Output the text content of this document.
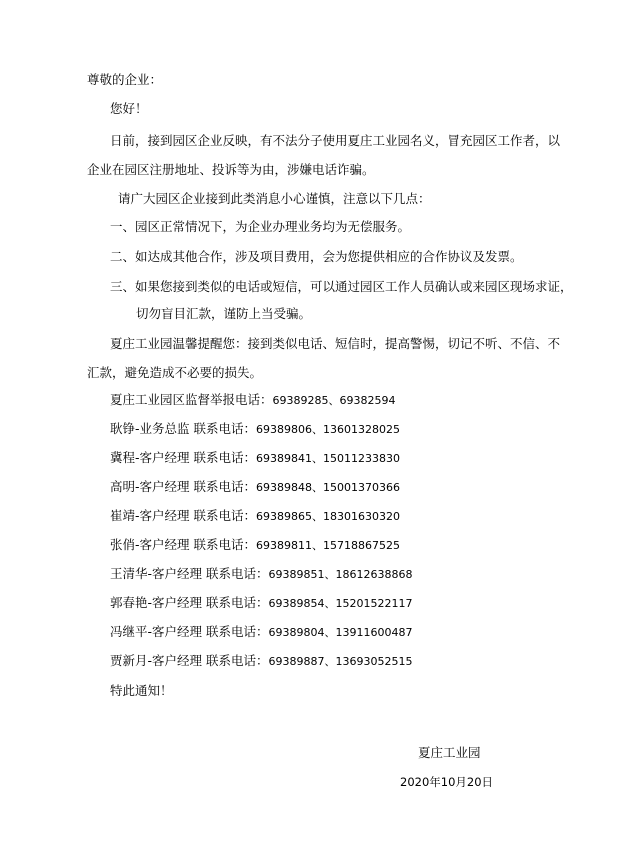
尊敬的企业：
您好！
日前，接到园区企业反映，有不法分子使用夏庄工业园名义，冒充园区工作者，以
企业在园区注册地址、投诉等为由，涉嫌电话诈骗。
请广大园区企业接到此类消息小心谨慎，注意以下几点：
一、园区正常情况下，为企业办理业务均为无偿服务。
二、如达成其他合作，涉及项目费用，会为您提供相应的合作协议及发票。
三、如果您接到类似的电话或短信，可以通过园区工作人员确认或来园区现场求证，
切勿盲目汇款，谨防上当受骗。
夏庄工业园温馨提醒您：接到类似电话、短信时，提高警惕，切记不听、不信、不
汇款，避免造成不必要的损失。
夏庄工业园区监督举报电话：69389285、69382594
耿铮-业务总监 联系电话：69389806、13601328025
冀程-客户经理 联系电话：69389841、15011233830
高明-客户经理 联系电话：69389848、15001370366
崔靖-客户经理 联系电话：69389865、18301630320
张俏-客户经理 联系电话：69389811、15718867525
王清华-客户经理 联系电话：69389851、18612638868
郭春艳-客户经理 联系电话：69389854、15201522117
冯继平-客户经理 联系电话：69389804、13911600487
贾新月-客户经理 联系电话：69389887、13693052515
特此通知！
夏庄工业园
2020年10月20日
